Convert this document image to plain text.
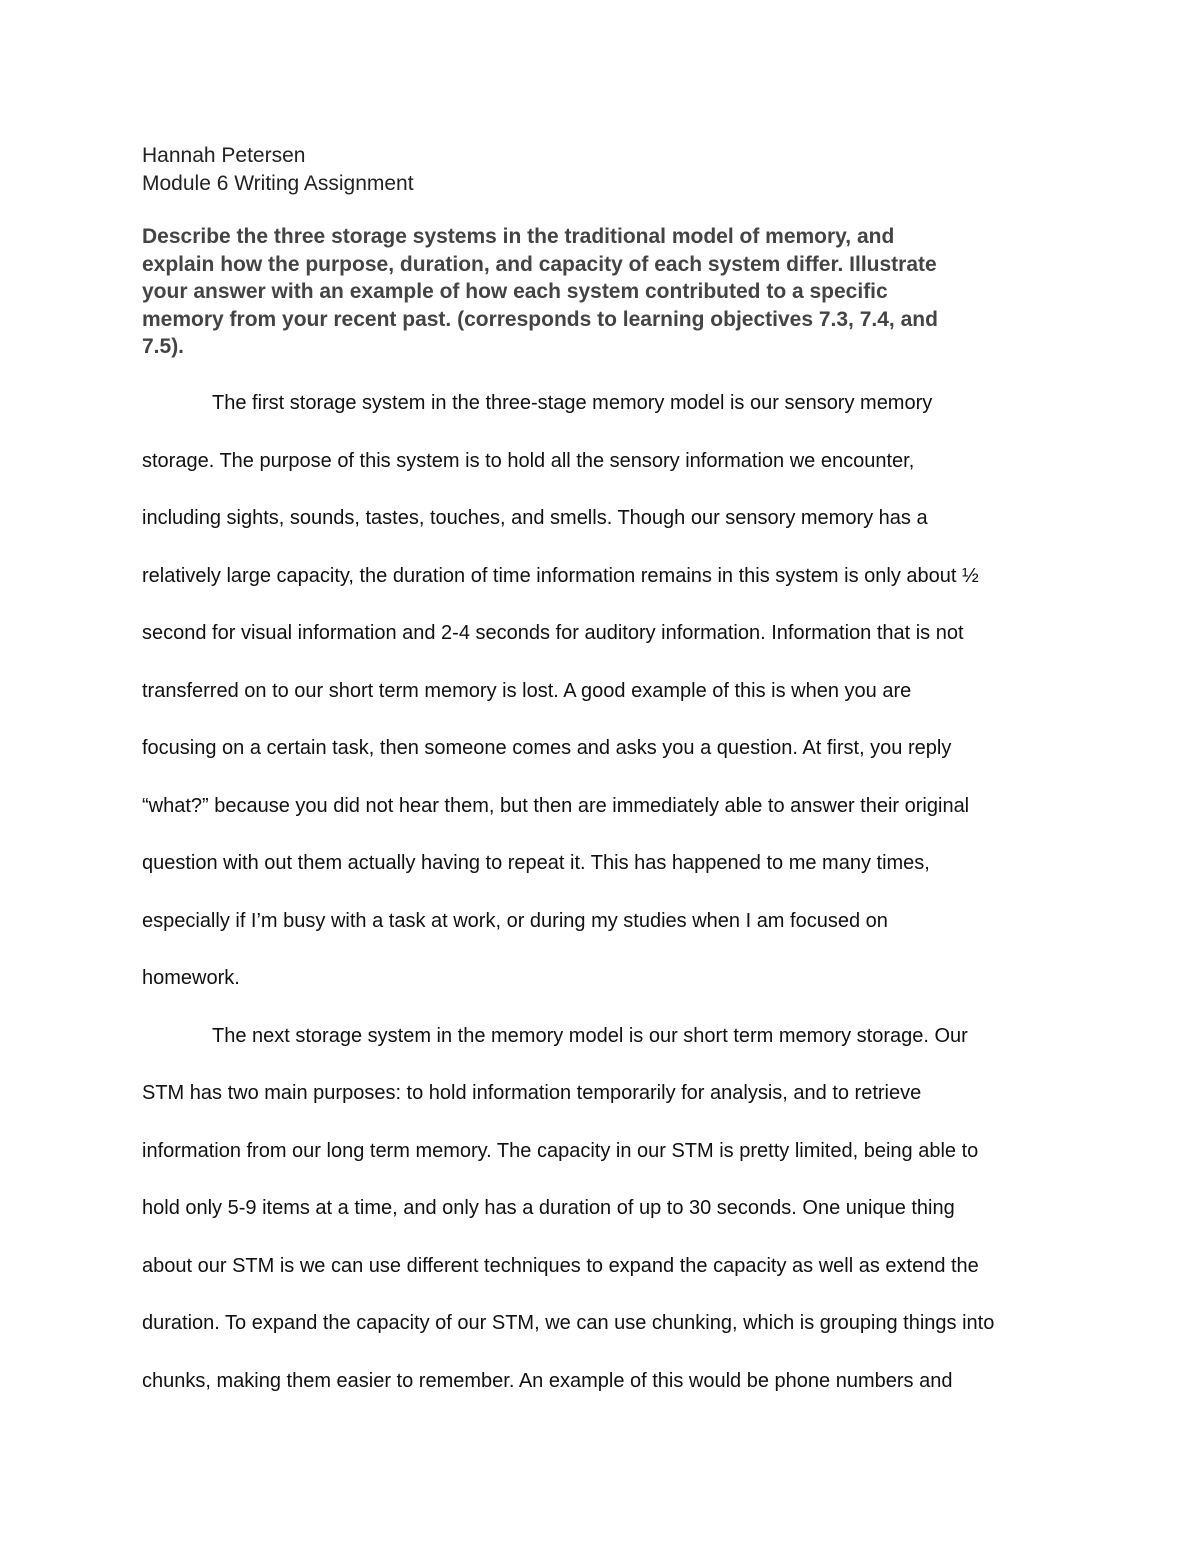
Hannah Petersen
Module 6 Writing Assignment
Describe the three storage systems in the traditional model of memory, and
explain how the purpose, duration, and capacity of each system differ. Illustrate
your answer with an example of how each system contributed to a specific
memory from your recent past. (corresponds to learning objectives 7.3, 7.4, and
7.5).
The first storage system in the three-stage memory model is our sensory memory
storage. The purpose of this system is to hold all the sensory information we encounter,
including sights, sounds, tastes, touches, and smells. Though our sensory memory has a
relatively large capacity, the duration of time information remains in this system is only about ½
second for visual information and 2-4 seconds for auditory information. Information that is not
transferred on to our short term memory is lost. A good example of this is when you are
focusing on a certain task, then someone comes and asks you a question. At first, you reply
“what?” because you did not hear them, but then are immediately able to answer their original
question with out them actually having to repeat it. This has happened to me many times,
especially if I’m busy with a task at work, or during my studies when I am focused on
homework.
The next storage system in the memory model is our short term memory storage. Our
STM has two main purposes: to hold information temporarily for analysis, and to retrieve
information from our long term memory. The capacity in our STM is pretty limited, being able to
hold only 5-9 items at a time, and only has a duration of up to 30 seconds. One unique thing
about our STM is we can use different techniques to expand the capacity as well as extend the
duration. To expand the capacity of our STM, we can use chunking, which is grouping things into
chunks, making them easier to remember. An example of this would be phone numbers and
